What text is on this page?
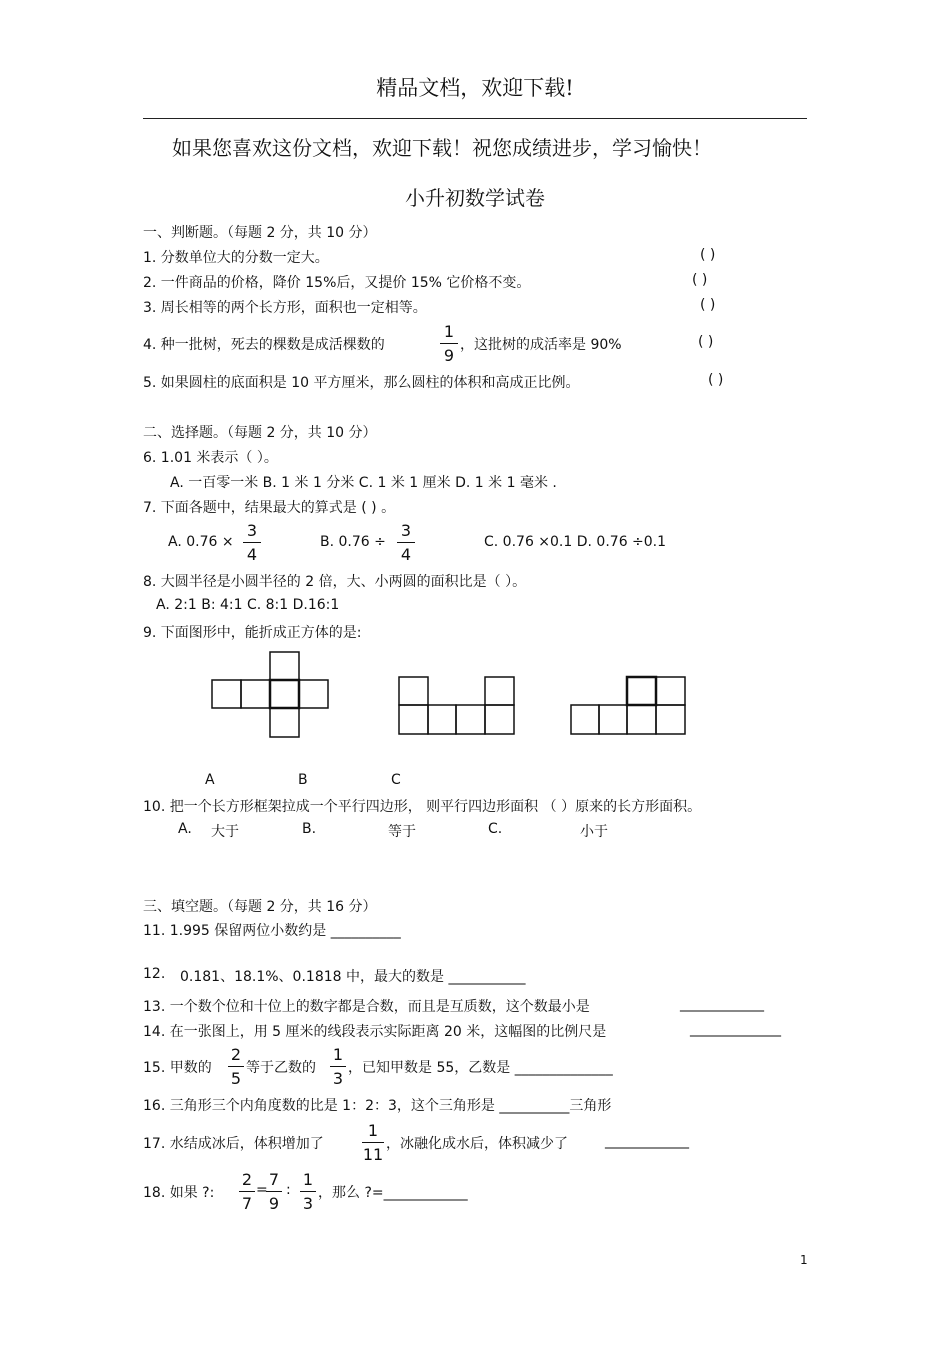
精品文档，欢迎下载!
如果您喜欢这份文档，欢迎下载！祝您成绩进步，学习愉快！
小升初数学试卷
一、判断题。（每题 2 分，共 10 分）
1. 分数单位大的分数一定大。	( )
2. 一件商品的价格，降价 15%后，又提价 15% 它价格不变。	( )
3. 周长相等的两个长方形，面积也一定相等。	( )
4. 种一批树，死去的棵数是成活棵数的
1
9
，这批树的成活率是 90%	( )
5. 如果圆柱的底面积是 10 平方厘米，那么圆柱的体积和高成正比例。	( )
二、选择题。（每题 2 分，共 10 分）
6. 1.01 米表示（ ）。
A. 一百零一米 B. 1 米 1 分米 C. 1 米 1 厘米 D. 1 米 1 毫米 .
7. 下面各题中，结果最大的算式是 ( ) 。
A. 0.76 ×
3
4
B. 0.76 ÷
3
4
C. 0.76 ×0.1 D. 0.76 ÷0.1
8. 大圆半径是小圆半径的 2 倍，大、小两圆的面积比是（ ）。
A. 2:1 B: 4:1 C. 8:1 D.16:1
9. 下面图形中，能折成正方体的是:
A	B	C
10. 把一个长方形框架拉成一个平行四边形， 则平行四边形面积 （ ）原来的长方形面积。
A. 大于	B.	等于	C.	小于
三、填空题。（每题 2 分，共 16 分）
11. 1.995 保留两位小数约是 __________
12. 0.181、18.1%、0.1818 中，最大的数是 ___________
13. 一个数个位和十位上的数字都是合数，而且是互质数，这个数最小是	____________
14. 在一张图上，用 5 厘米的线段表示实际距离 20 米，这幅图的比例尺是	_____________
15. 甲数的
2
5
等于乙数的
1
3
，已知甲数是 55，乙数是 ______________
16. 三角形三个内角度数的比是 1：2：3，这个三角形是 __________三角形
17. 水结成冰后，体积增加了
1
11
，冰融化成水后，体积减少了	____________
18. 如果 ?:
2
7
=
7
9
:
1
3
，那么 ?=____________
1
